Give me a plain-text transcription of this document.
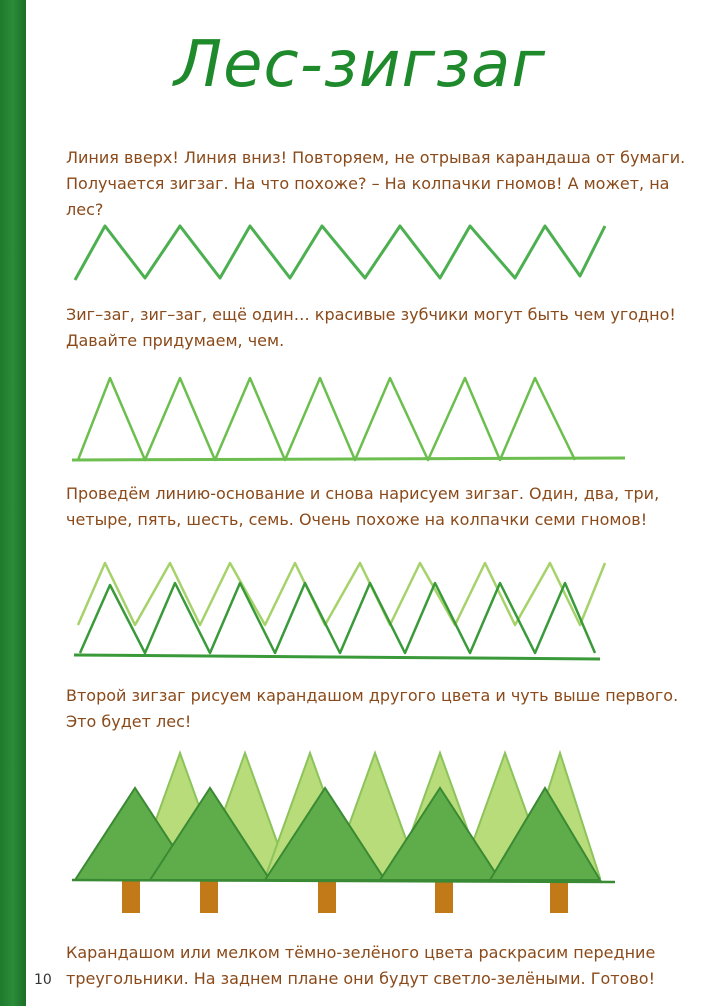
Лес-зигзаг
Линия вверх! Линия вниз! Повторяем, не отрывая карандаша от бумаги. Получается зигзаг. На что похоже? – На колпачки гномов! А может, на лес?
Зиг–заг, зиг–заг, ещё один… красивые зубчики могут быть чем угодно! Давайте придумаем, чем.
Проведём линию-основание и снова нарисуем зигзаг. Один, два, три, четыре, пять, шесть, семь. Очень похоже на колпачки семи гномов!
Второй зигзаг рисуем карандашом другого цвета и чуть выше первого. Это будет лес!
Карандашом или мелком тёмно-зелёного цвета раскрасим передние треугольники. На заднем плане они будут светло-зелёными. Готово!
10
